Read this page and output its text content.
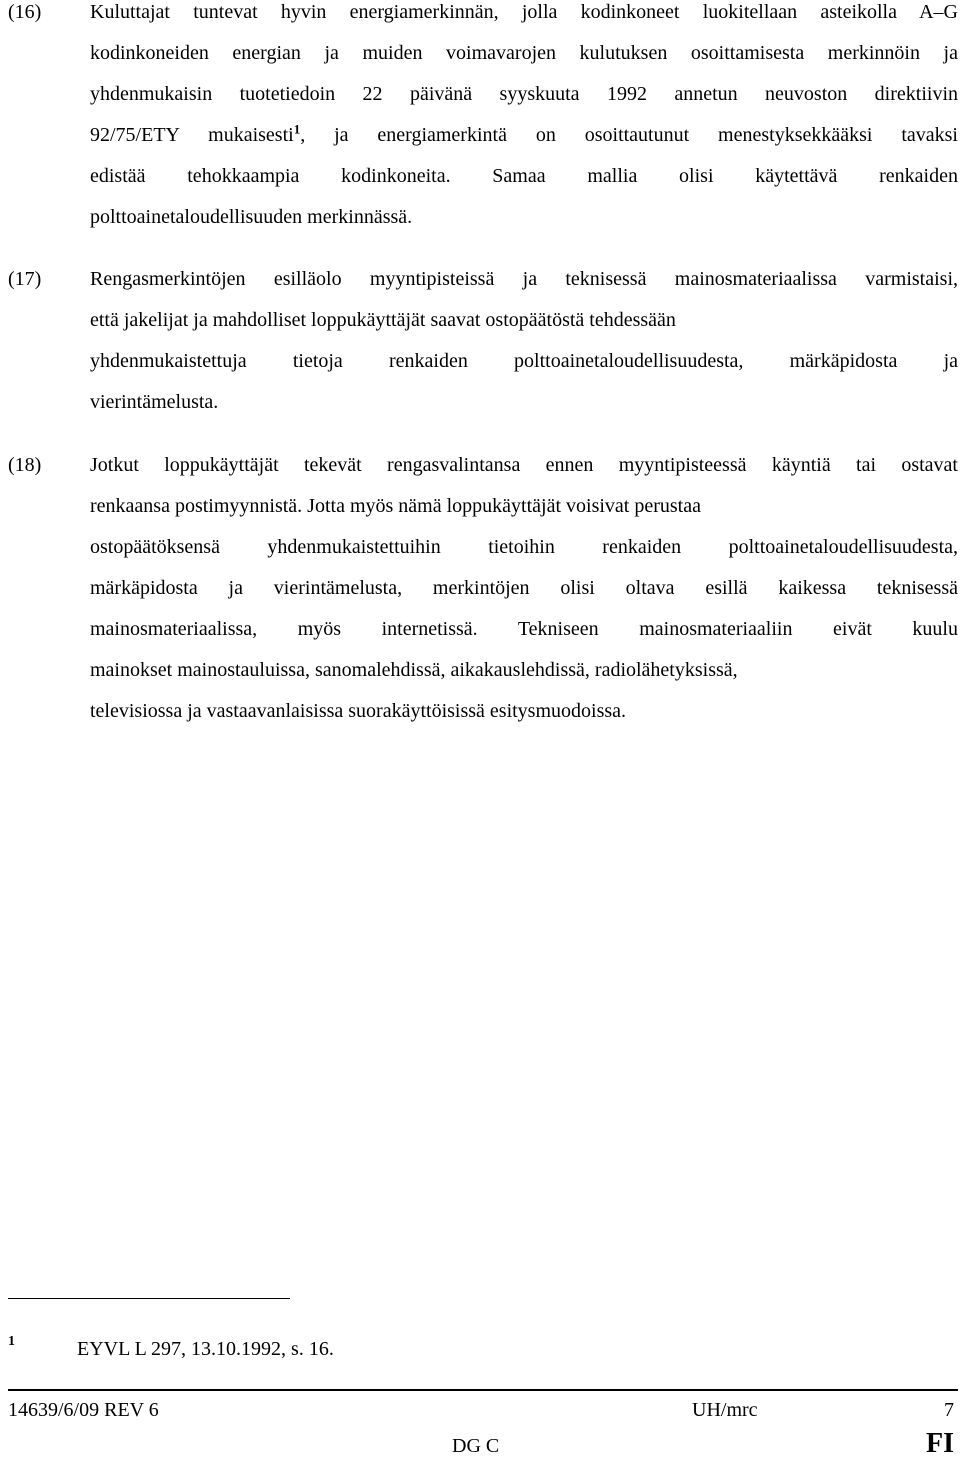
(16) Kuluttajat tuntevat hyvin energiamerkinnän, jolla kodinkoneet luokitellaan asteikolla A–G
kodinkoneiden energian ja muiden voimavarojen kulutuksen osoittamisesta merkinnöin ja
yhdenmukaisin tuotetiedoin 22 päivänä syyskuuta 1992 annetun neuvoston direktiivin
92/75/ETY mukaisesti$^1$, ja energiamerkintä on osoittautunut menestyksekkääksi tavaksi
edistää tehokkaampia kodinkoneita. Samaa mallia olisi käytettävä renkaiden
polttoainetaloudellisuuden merkinnässä.
(17) Rengasmerkintöjen esilläolo myyntipisteissä ja teknisessä mainosmateriaalissa varmistaisi,
että jakelijat ja mahdolliset loppukäyttäjät saavat ostopäätöstä tehdessään
yhdenmukaistettuja tietoja renkaiden polttoainetaloudellisuudesta, märkäpidosta ja
vierintämelusta.
(18) Jotkut loppukäyttäjät tekevät rengasvalintansa ennen myyntipisteessä käyntiä tai ostavat
renkaansa postimyynnistä. Jotta myös nämä loppukäyttäjät voisivat perustaa
ostopäätöksensä yhdenmukaistettuihin tietoihin renkaiden polttoainetaloudellisuudesta,
märkäpidosta ja vierintämelusta, merkintöjen olisi oltava esillä kaikessa teknisessä
mainosmateriaalissa, myös internetissä. Tekniseen mainosmateriaaliin eivät kuulu
mainokset mainostauluissa, sanomalehdissä, aikakauslehdissä, radiolähetyksissä,
televisiossa ja vastaavanlaisissa suorakäyttöisissä esitysmuodoissa.
1	EYVL L 297, 13.10.1992, s. 16.
14639/6/09 REV 6	UH/mrc	7
DG C	FI
